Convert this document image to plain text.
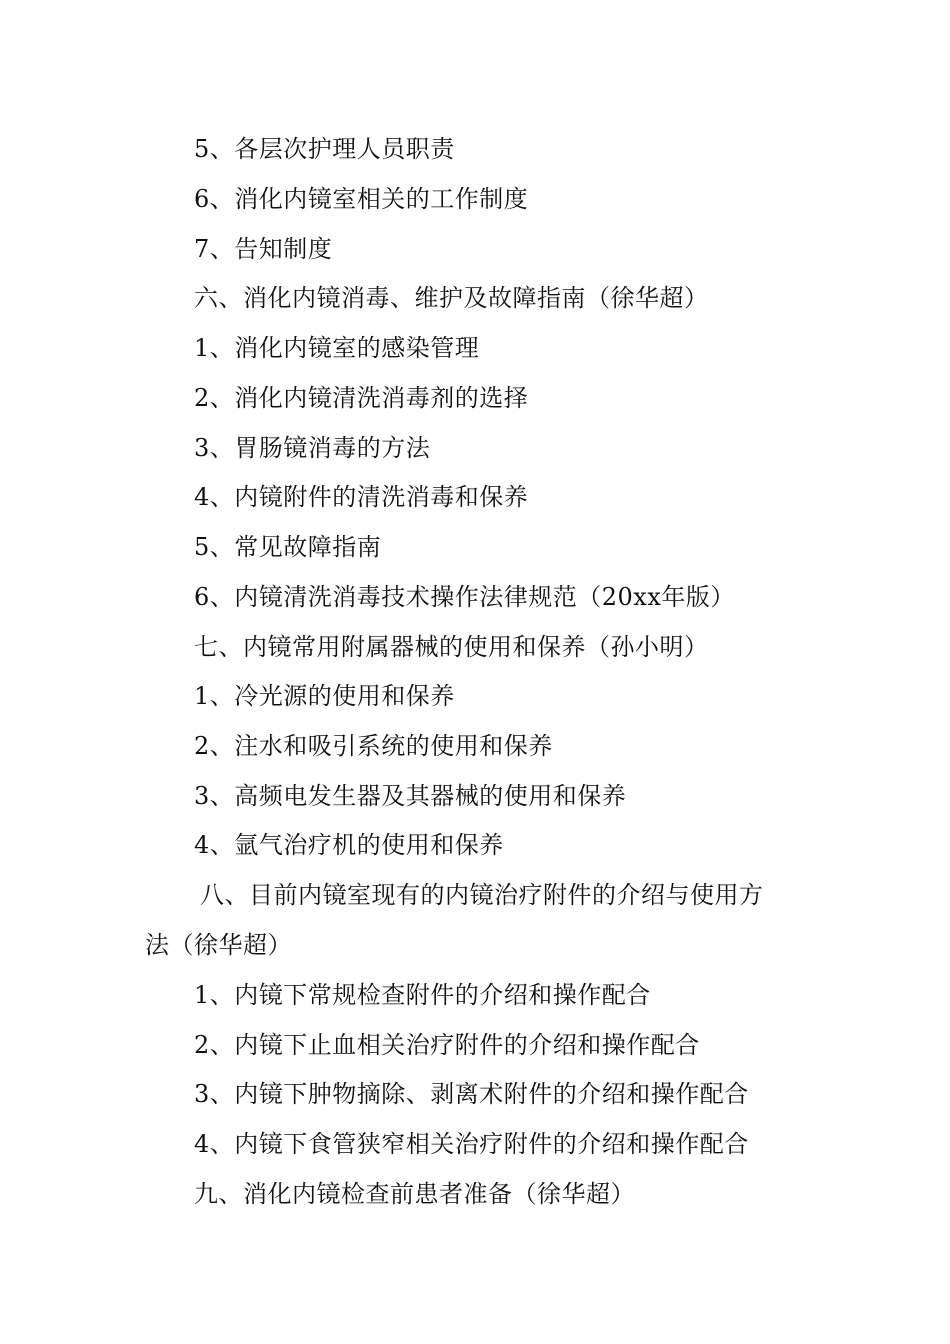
5、各层次护理人员职责
6、消化内镜室相关的工作制度
7、告知制度
六、消化内镜消毒、维护及故障指南（徐华超）
1、消化内镜室的感染管理
2、消化内镜清洗消毒剂的选择
3、胃肠镜消毒的方法
4、内镜附件的清洗消毒和保养
5、常见故障指南
6、内镜清洗消毒技术操作法律规范（20xx年版）
七、内镜常用附属器械的使用和保养（孙小明）
1、冷光源的使用和保养
2、注水和吸引系统的使用和保养
3、高频电发生器及其器械的使用和保养
4、氩气治疗机的使用和保养
八、目前内镜室现有的内镜治疗附件的介绍与使用方
法（徐华超）
1、内镜下常规检查附件的介绍和操作配合
2、内镜下止血相关治疗附件的介绍和操作配合
3、内镜下肿物摘除、剥离术附件的介绍和操作配合
4、内镜下食管狭窄相关治疗附件的介绍和操作配合
九、消化内镜检查前患者准备（徐华超）
